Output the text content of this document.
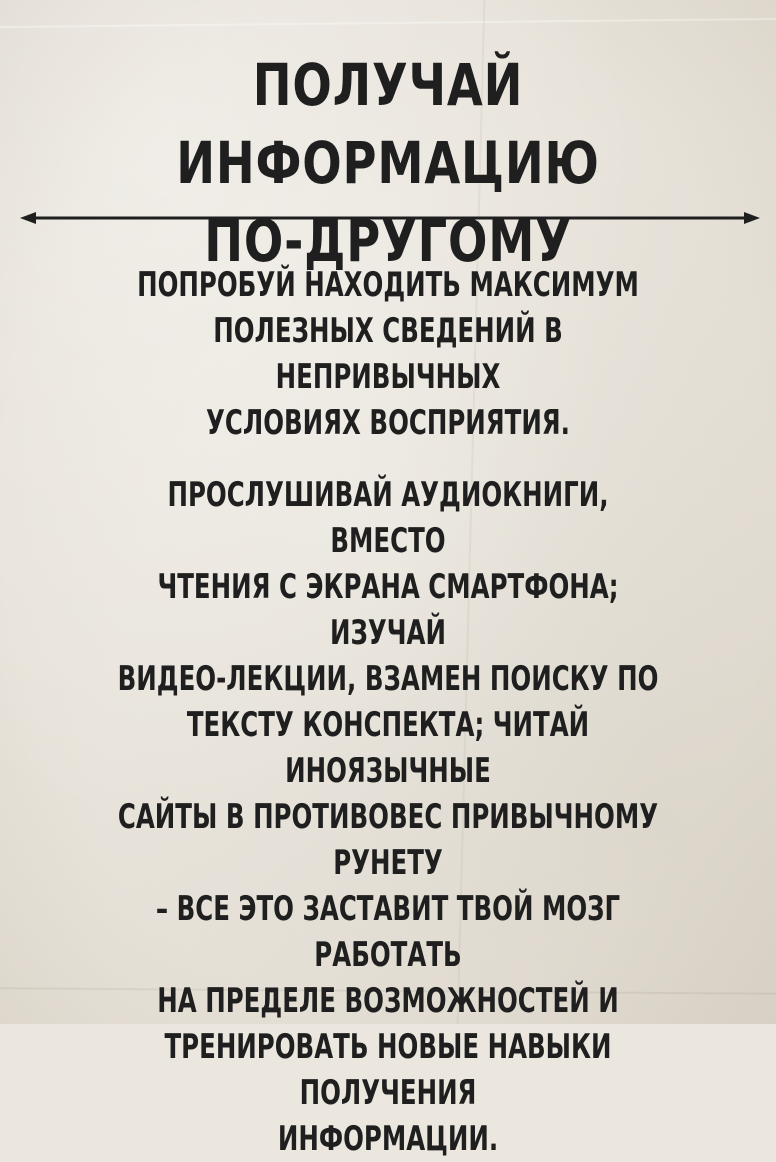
ПОЛУЧАЙ ИНФОРМАЦИЮ
ПО-ДРУГОМУ

ПОПРОБУЙ НАХОДИТЬ МАКСИМУМ
ПОЛЕЗНЫХ СВЕДЕНИЙ В НЕПРИВЫЧНЫХ
УСЛОВИЯХ ВОСПРИЯТИЯ.

ПРОСЛУШИВАЙ АУДИОКНИГИ, ВМЕСТО
ЧТЕНИЯ С ЭКРАНА СМАРТФОНА; ИЗУЧАЙ
ВИДЕО-ЛЕКЦИИ, ВЗАМЕН ПОИСКУ ПО
ТЕКСТУ КОНСПЕКТА; ЧИТАЙ ИНОЯЗЫЧНЫЕ
САЙТЫ В ПРОТИВОВЕС ПРИВЫЧНОМУ РУНЕТУ
– ВСЕ ЭТО ЗАСТАВИТ ТВОЙ МОЗГ РАБОТАТЬ
НА ПРЕДЕЛЕ ВОЗМОЖНОСТЕЙ И
ТРЕНИРОВАТЬ НОВЫЕ НАВЫКИ ПОЛУЧЕНИЯ
ИНФОРМАЦИИ.
